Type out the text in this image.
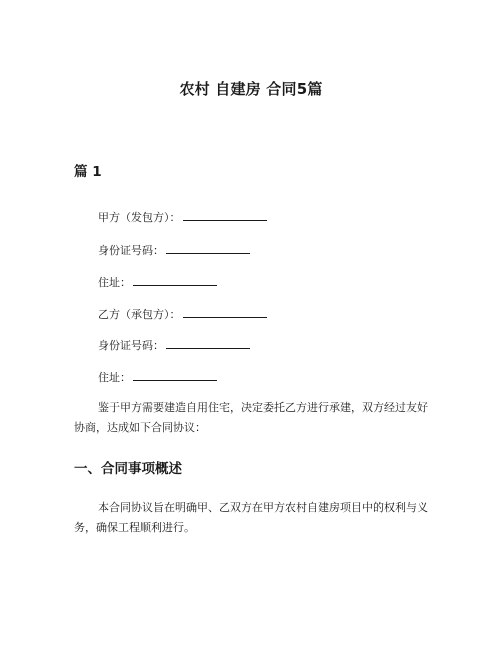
农村 自建房 合同5篇
篇 1

甲方（发包方）：

身份证号码：

住址：

乙方（承包方）：

身份证号码：

住址：

鉴于甲方需要建造自用住宅，决定委托乙方进行承建，双方经过友好协商，达成如下合同协议：

一、合同事项概述

本合同协议旨在明确甲、乙双方在甲方农村自建房项目中的权利与义务，确保工程顺利进行。
